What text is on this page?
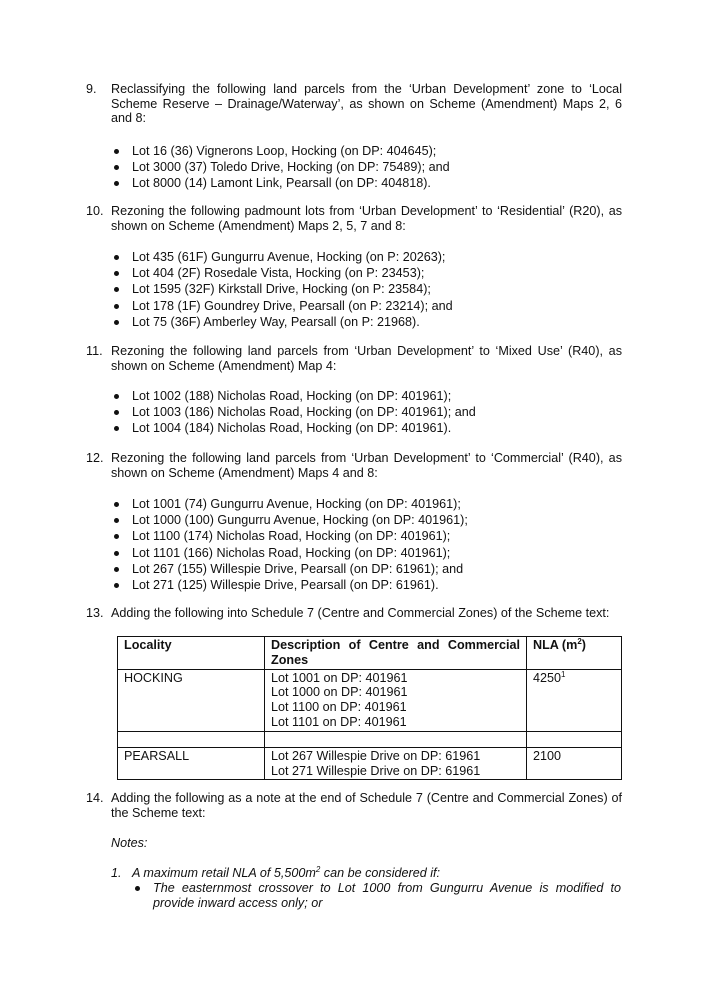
9. Reclassifying the following land parcels from the ‘Urban Development’ zone to ‘Local Scheme Reserve – Drainage/Waterway’, as shown on Scheme (Amendment) Maps 2, 6 and 8:
Lot 16 (36) Vignerons Loop, Hocking (on DP: 404645);
Lot 3000 (37) Toledo Drive, Hocking (on DP: 75489); and
Lot 8000 (14) Lamont Link, Pearsall (on DP: 404818).
10. Rezoning the following padmount lots from ‘Urban Development’ to ‘Residential’ (R20), as shown on Scheme (Amendment) Maps 2, 5, 7 and 8:
Lot 435 (61F) Gungurru Avenue, Hocking (on P: 20263);
Lot 404 (2F) Rosedale Vista, Hocking (on P: 23453);
Lot 1595 (32F) Kirkstall Drive, Hocking (on P: 23584);
Lot 178 (1F) Goundrey Drive, Pearsall (on P: 23214); and
Lot 75 (36F) Amberley Way, Pearsall (on P: 21968).
11. Rezoning the following land parcels from ‘Urban Development’ to ‘Mixed Use’ (R40), as shown on Scheme (Amendment) Map 4:
Lot 1002 (188) Nicholas Road, Hocking (on DP: 401961);
Lot 1003 (186) Nicholas Road, Hocking (on DP: 401961); and
Lot 1004 (184) Nicholas Road, Hocking (on DP: 401961).
12. Rezoning the following land parcels from ‘Urban Development’ to ‘Commercial’ (R40), as shown on Scheme (Amendment) Maps 4 and 8:
Lot 1001 (74) Gungurru Avenue, Hocking (on DP: 401961);
Lot 1000 (100) Gungurru Avenue, Hocking (on DP: 401961);
Lot 1100 (174) Nicholas Road, Hocking (on DP: 401961);
Lot 1101 (166) Nicholas Road, Hocking (on DP: 401961);
Lot 267 (155) Willespie Drive, Pearsall (on DP: 61961); and
Lot 271 (125) Willespie Drive, Pearsall (on DP: 61961).
13. Adding the following into Schedule 7 (Centre and Commercial Zones) of the Scheme text:
Locality	Description of Centre and Commercial Zones	NLA $(m^2)$
HOCKING	Lot 1001 on DP: 401961
Lot 1000 on DP: 401961
Lot 1100 on DP: 401961
Lot 1101 on DP: 401961	4250$^1$

PEARSALL	Lot 267 Willespie Drive on DP: 61961
Lot 271 Willespie Drive on DP: 61961	2100
14. Adding the following as a note at the end of Schedule 7 (Centre and Commercial Zones) of the Scheme text:
Notes:
1. A maximum retail NLA of $5,500m^2$ can be considered if:
The easternmost crossover to Lot 1000 from Gungurru Avenue is modified to provide inward access only; or
